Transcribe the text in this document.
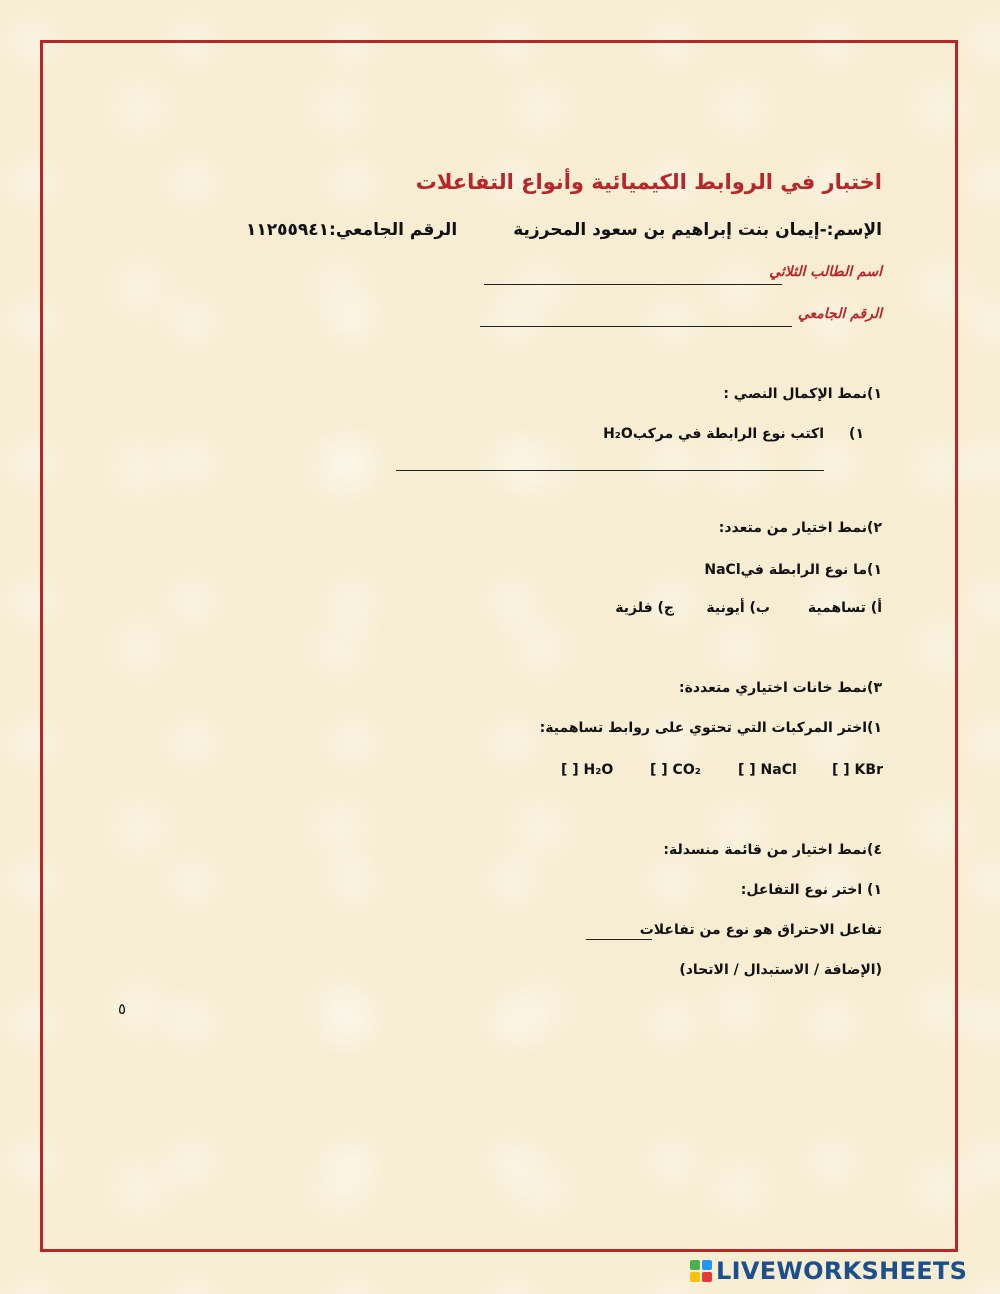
اختبار في الروابط الكيميائية وأنواع التفاعلات
الإسم:-إيمان بنت إبراهيم بن سعود المحرزية
الرقم الجامعي:١١٢٥٥٩٤١
اسم الطالب الثلاثي
الرقم الجامعي
١)نمط الإكمال النصي :
١)
اكتب نوع الرابطة في مركبH₂O
٢)نمط اختيار من متعدد:
١)ما نوع الرابطة فيNaCl
أ) تساهمية
ب) أيونية
ج) فلزية
٣)نمط خانات اختياري متعددة:
١)اختر المركبات التي تحتوي على روابط تساهمية:
[ ] KBr
[ ] NaCl
[ ] CO₂
[ ] H₂O
٤)نمط اختيار من قائمة منسدلة:
١) اختر نوع التفاعل:
تفاعل الاحتراق هو نوع من تفاعلات
(الإضافة / الاستبدال / الاتحاد)
٥
LIVEWORKSHEETS
